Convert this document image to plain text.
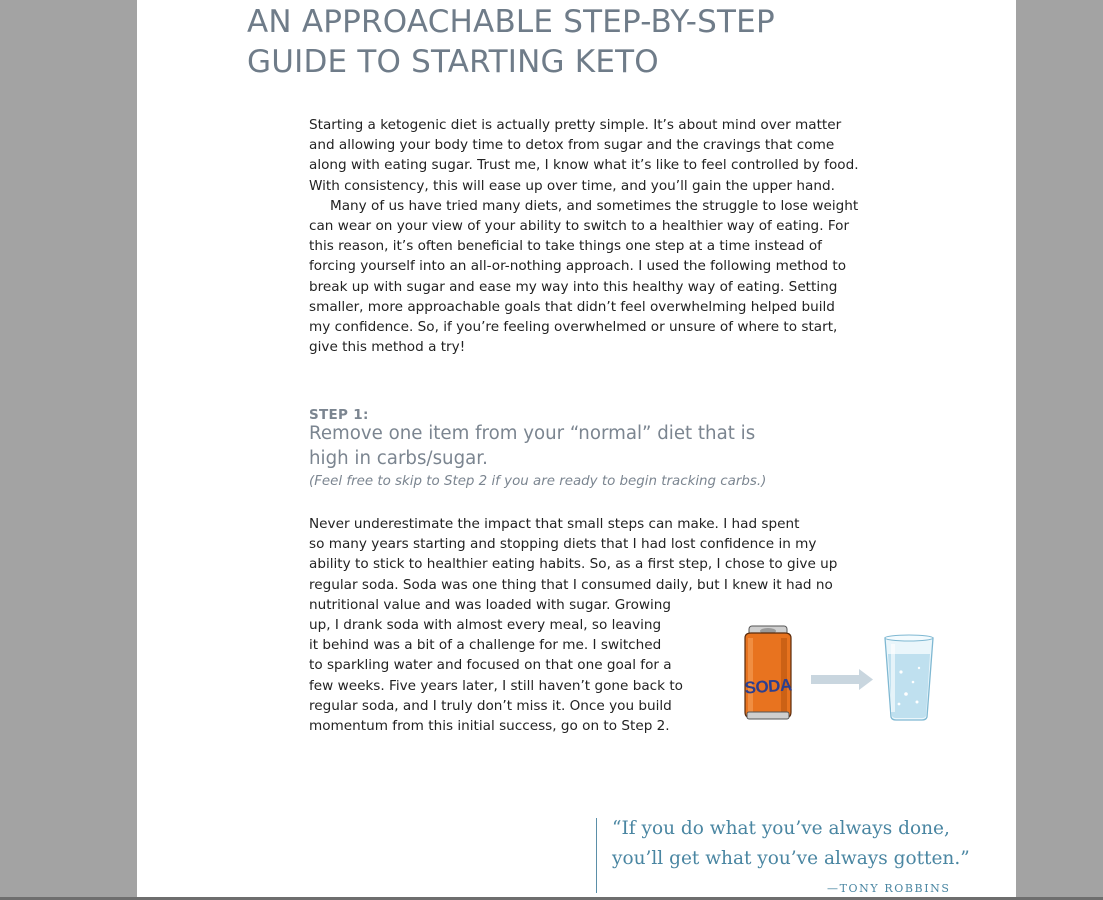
AN APPROACHABLE STEP-BY-STEP
GUIDE TO STARTING KETO

Starting a ketogenic diet is actually pretty simple. It’s about mind over matter
and allowing your body time to detox from sugar and the cravings that come
along with eating sugar. Trust me, I know what it’s like to feel controlled by food.
With consistency, this will ease up over time, and you’ll gain the upper hand.
Many of us have tried many diets, and sometimes the struggle to lose weight
can wear on your view of your ability to switch to a healthier way of eating. For
this reason, it’s often beneficial to take things one step at a time instead of
forcing yourself into an all-or-nothing approach. I used the following method to
break up with sugar and ease my way into this healthy way of eating. Setting
smaller, more approachable goals that didn’t feel overwhelming helped build
my confidence. So, if you’re feeling overwhelmed or unsure of where to start,
give this method a try!

STEP 1:

Remove one item from your “normal” diet that is
high in carbs/sugar.

(Feel free to skip to Step 2 if you are ready to begin tracking carbs.)

Never underestimate the impact that small steps can make. I had spent
so many years starting and stopping diets that I had lost confidence in my
ability to stick to healthier eating habits. So, as a first step, I chose to give up
regular soda. Soda was one thing that I consumed daily, but I knew it had no
nutritional value and was loaded with sugar. Growing
up, I drank soda with almost every meal, so leaving
it behind was a bit of a challenge for me. I switched
to sparkling water and focused on that one goal for a
few weeks. Five years later, I still haven’t gone back to
regular soda, and I truly don’t miss it. Once you build
momentum from this initial success, go on to Step 2.

SODA
“If you do what you’ve always done,
you’ll get what you’ve always gotten.”

—TONY ROBBINS
